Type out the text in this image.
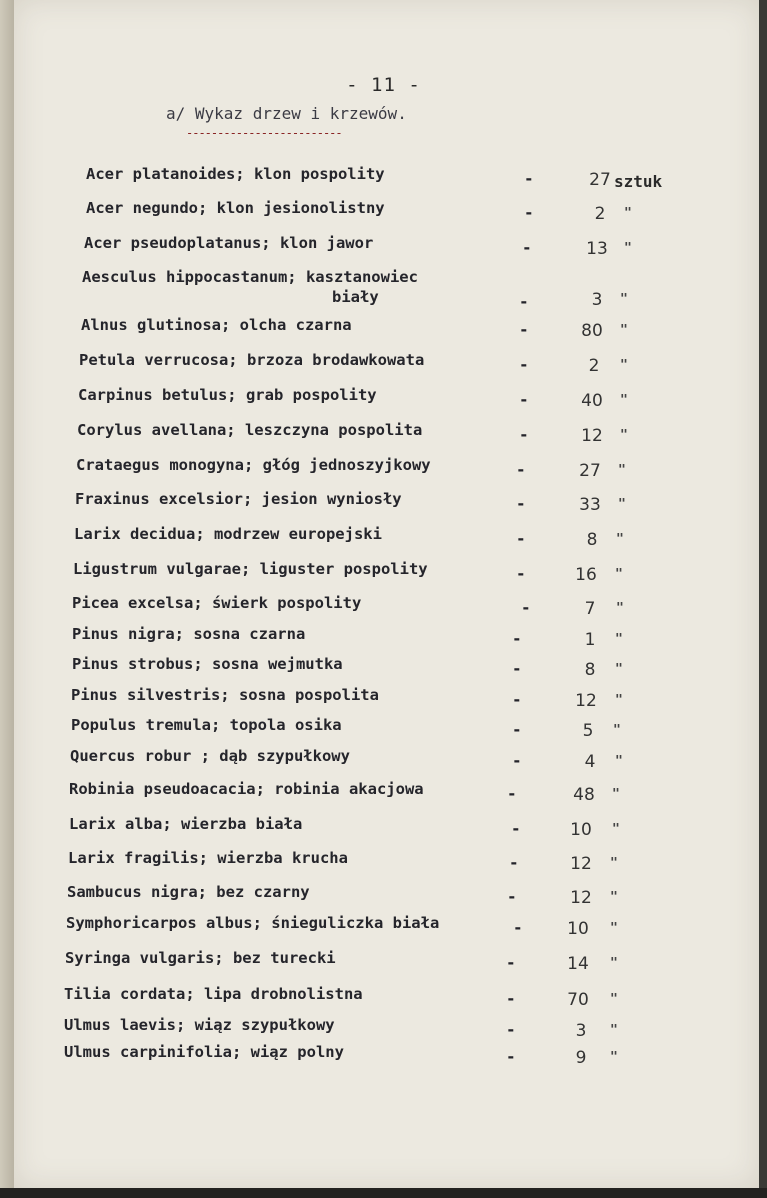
- 11 -
a/ Wykaz drzew i krzewów.
-------------------------
Acer platanoides; klon pospolity	-	27 sztuk
Acer negundo; klon jesionolistny	-	2	"
Acer pseudoplatanus; klon jawor	-	13	"
Aesculus hippocastanum; kasztanowiec
biały	-	3	"
Alnus glutinosa; olcha czarna	-	80	"
Petula verrucosa; brzoza brodawkowata	-	2	"
Carpinus betulus; grab pospolity	-	40	"
Corylus avellana; leszczyna pospolita	-	12	"
Crataegus monogyna; głóg jednoszyjkowy	-	27	"
Fraxinus excelsior; jesion wyniosły	-	33	"
Larix decidua; modrzew europejski	-	8	"
Ligustrum vulgarae; liguster pospolity	-	16	"
Picea excelsa; świerk pospolity	-	7	"
Pinus nigra; sosna czarna	-	1	"
Pinus strobus; sosna wejmutka	-	8	"
Pinus silvestris; sosna pospolita	-	12	"
Populus tremula; topola osika	-	5	"
Quercus robur ; dąb szypułkowy	-	4	"
Robinia pseudoacacia; robinia akacjowa	-	48	"
Larix alba; wierzba biała	-	10	"
Larix fragilis; wierzba krucha	-	12	"
Sambucus nigra; bez czarny	-	12	"
Symphoricarpos albus; śnieguliczka biała	-	10	"
Syringa vulgaris; bez turecki	-	14	"
Tilia cordata; lipa drobnolistna	-	70	"
Ulmus laevis; wiąz szypułkowy	-	3	"
Ulmus carpinifolia; wiąz polny	-	9	"
